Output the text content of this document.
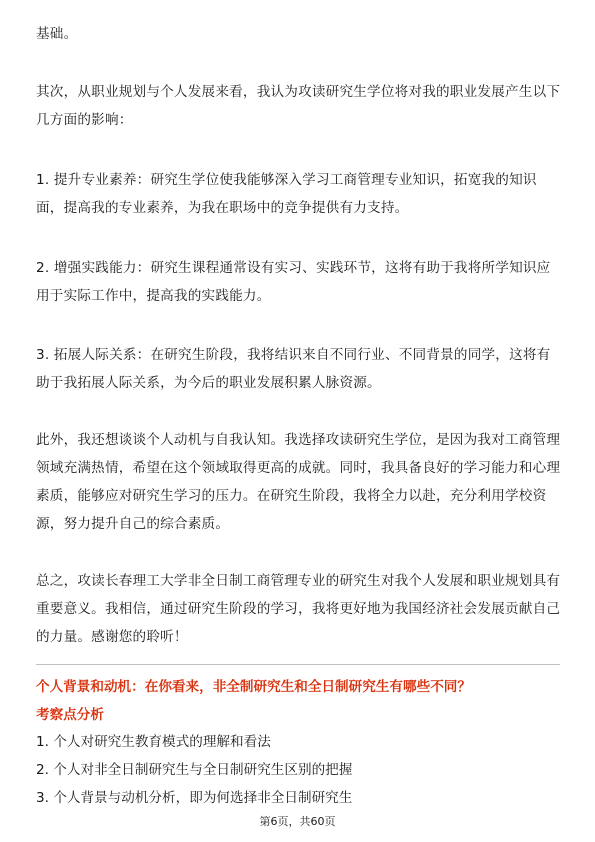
基础。

其次，从职业规划与个人发展来看，我认为攻读研究生学位将对我的职业发展产生以下几方面的影响：

1. 提升专业素养：研究生学位使我能够深入学习工商管理专业知识，拓宽我的知识面，提高我的专业素养，为我在职场中的竞争提供有力支持。

2. 增强实践能力：研究生课程通常设有实习、实践环节，这将有助于我将所学知识应用于实际工作中，提高我的实践能力。

3. 拓展人际关系：在研究生阶段，我将结识来自不同行业、不同背景的同学，这将有助于我拓展人际关系，为今后的职业发展积累人脉资源。

此外，我还想谈谈个人动机与自我认知。我选择攻读研究生学位，是因为我对工商管理领域充满热情，希望在这个领域取得更高的成就。同时，我具备良好的学习能力和心理素质，能够应对研究生学习的压力。在研究生阶段，我将全力以赴，充分利用学校资源，努力提升自己的综合素质。

总之，攻读长春理工大学非全日制工商管理专业的研究生对我个人发展和职业规划具有重要意义。我相信，通过研究生阶段的学习，我将更好地为我国经济社会发展贡献自己的力量。感谢您的聆听！

个人背景和动机：在你看来，非全制研究生和全日制研究生有哪些不同？

考察点分析

1. 个人对研究生教育模式的理解和看法

2. 个人对非全日制研究生与全日制研究生区别的把握

3. 个人背景与动机分析，即为何选择非全日制研究生

第6页，共60页
